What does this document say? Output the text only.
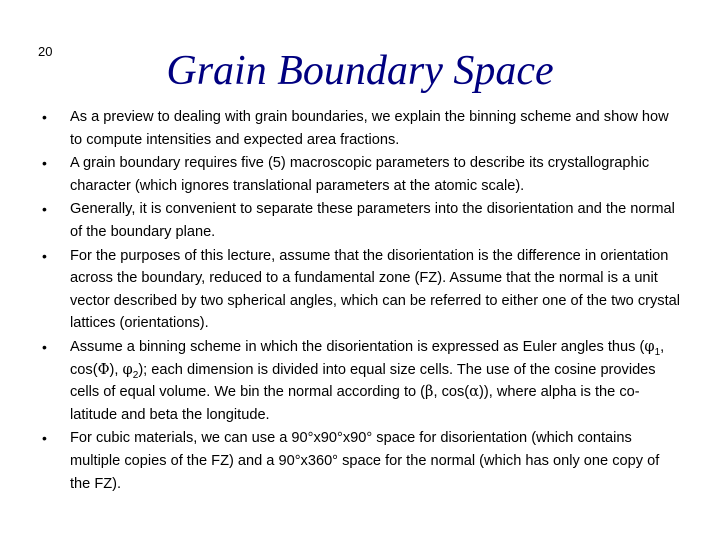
20	Grain Boundary Space
• As a preview to dealing with grain boundaries, we explain the binning scheme and show how to compute intensities and expected area fractions.
• A grain boundary requires five (5) macroscopic parameters to describe its crystallographic character (which ignores translational parameters at the atomic scale).
• Generally, it is convenient to separate these parameters into the disorientation and the normal of the boundary plane.
• For the purposes of this lecture, assume that the disorientation is the difference in orientation across the boundary, reduced to a fundamental zone (FZ). Assume that the normal is a unit vector described by two spherical angles, which can be referred to either one of the two crystal lattices (orientations).
• Assume a binning scheme in which the disorientation is expressed as Euler angles thus ($\varphi_1$, cos(Φ), $\varphi_2$); each dimension is divided into equal size cells. The use of the cosine provides cells of equal volume. We bin the normal according to (β, cos(α)), where alpha is the co-latitude and beta the longitude.
• For cubic materials, we can use a 90°x90°x90° space for disorientation (which contains multiple copies of the FZ) and a 90°x360° space for the normal (which has only one copy of the FZ).
